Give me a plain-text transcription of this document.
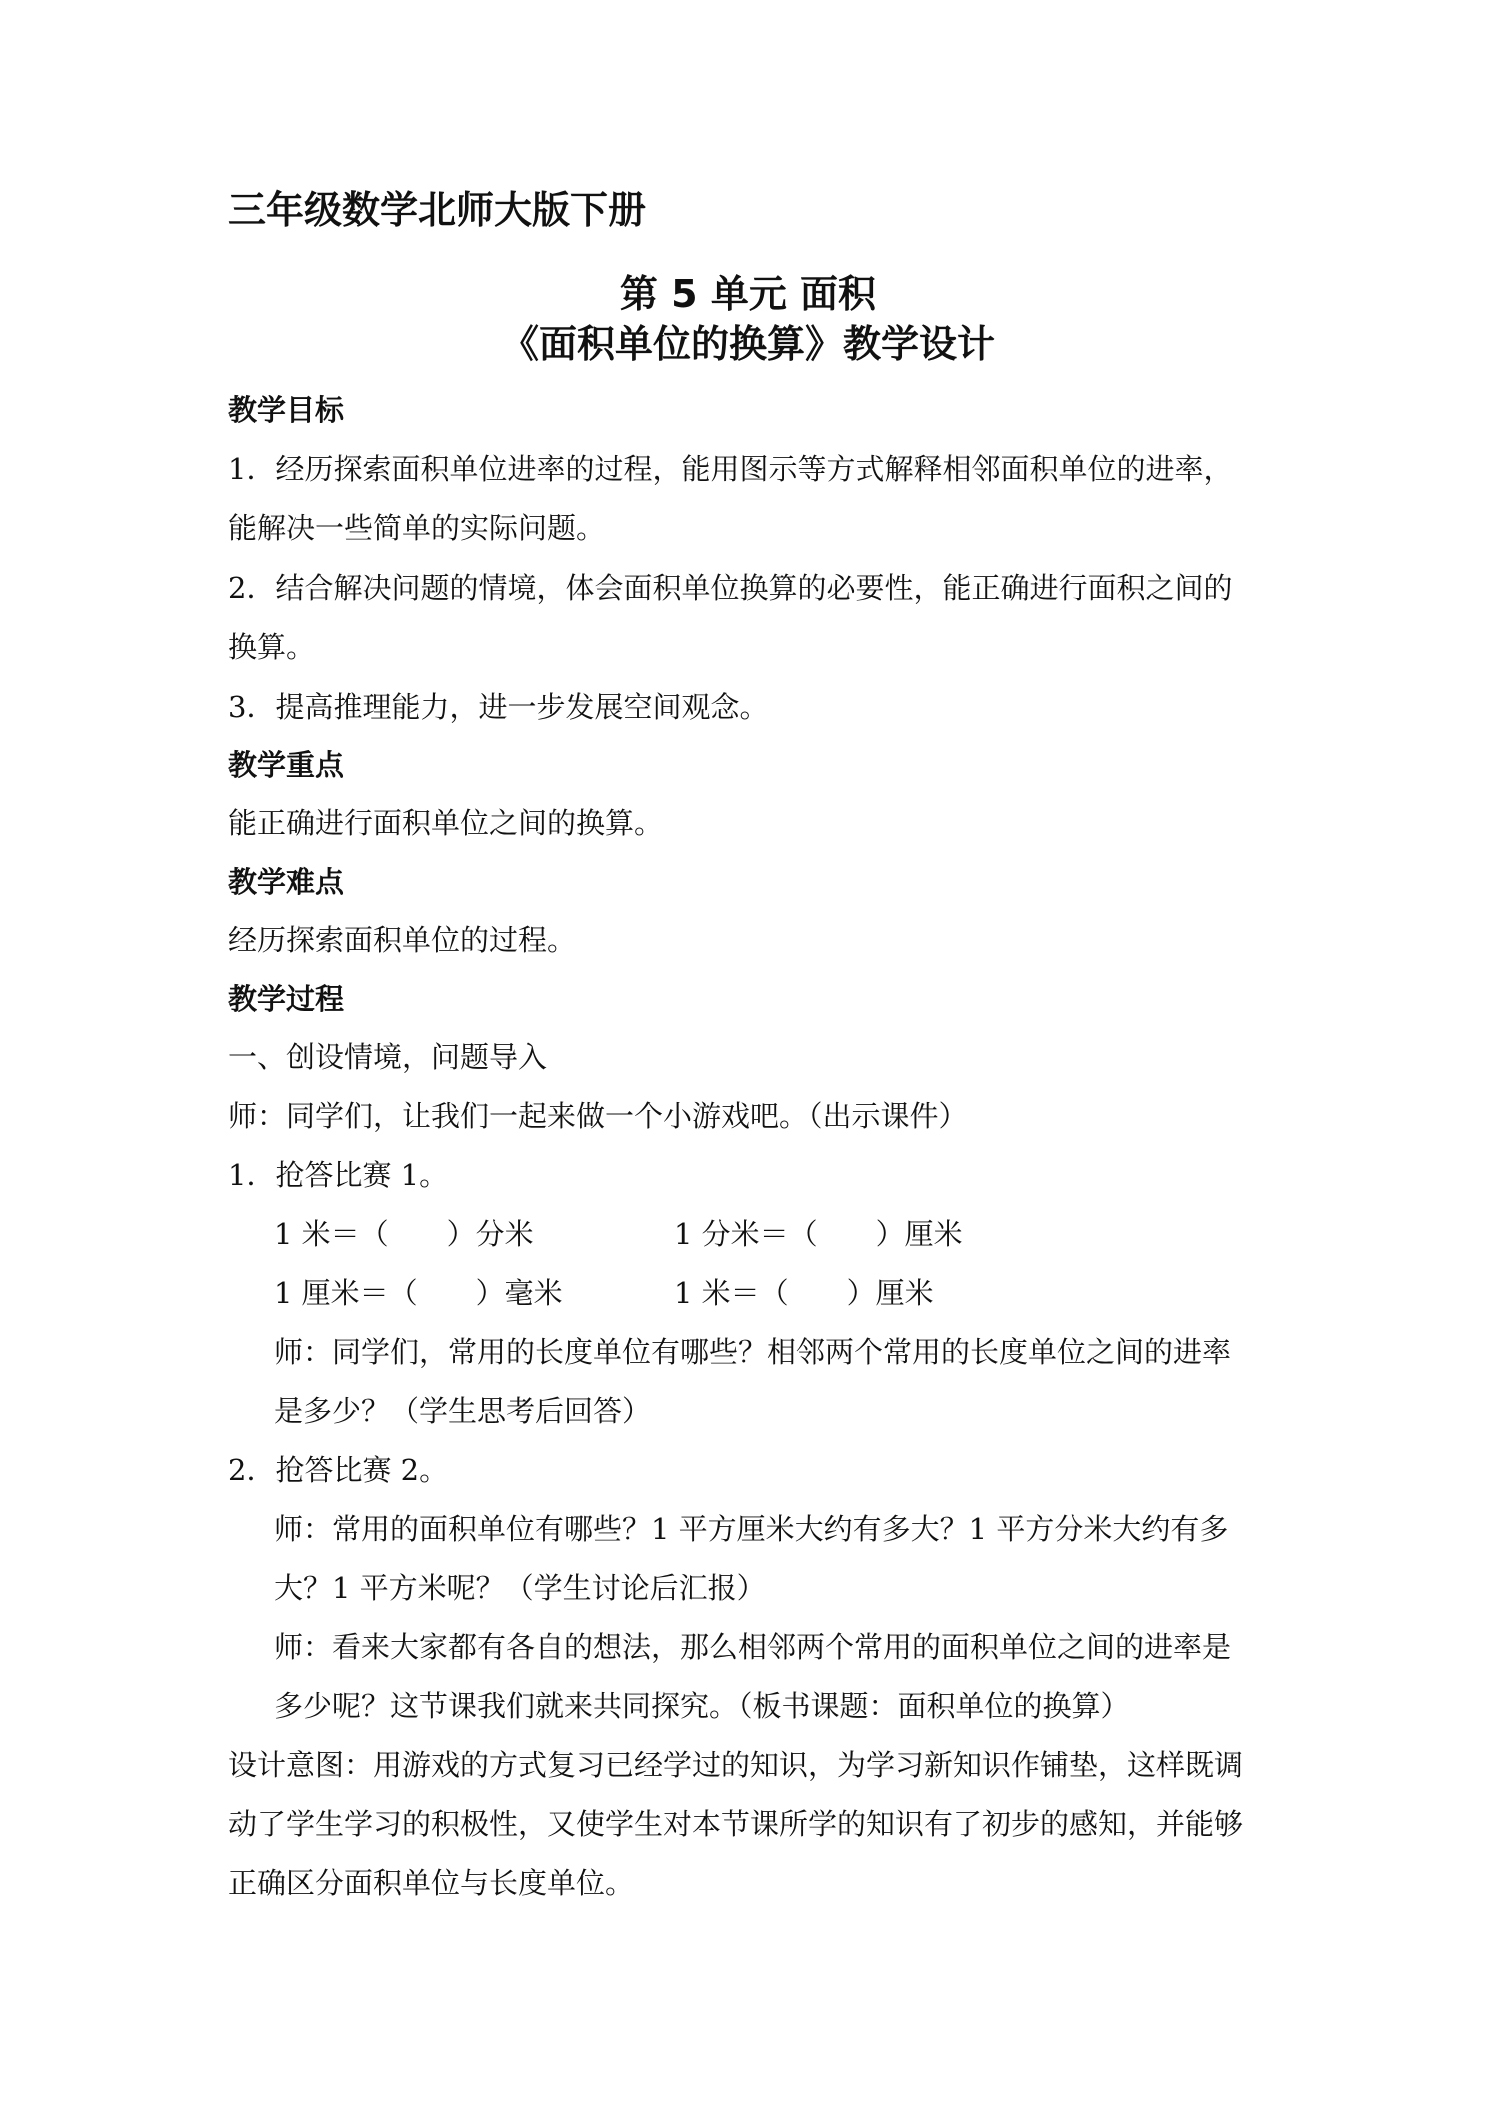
三年级数学北师大版下册
第 5 单元 面积
《面积单位的换算》教学设计
教学目标
1．经历探索面积单位进率的过程，能用图示等方式解释相邻面积单位的进率，
能解决一些简单的实际问题。
2．结合解决问题的情境，体会面积单位换算的必要性，能正确进行面积之间的
换算。
3．提高推理能力，进一步发展空间观念。
教学重点
能正确进行面积单位之间的换算。
教学难点
经历探索面积单位的过程。
教学过程
一、创设情境，问题导入
师：同学们，让我们一起来做一个小游戏吧。（出示课件）
1．抢答比赛 1。
1 米＝（　　）分米	1 分米＝（　　）厘米
1 厘米＝（　　）毫米	1 米＝（　　）厘米
师：同学们，常用的长度单位有哪些？相邻两个常用的长度单位之间的进率
是多少？（学生思考后回答）
2．抢答比赛 2。
师：常用的面积单位有哪些？1 平方厘米大约有多大？1 平方分米大约有多
大？1 平方米呢？（学生讨论后汇报）
师：看来大家都有各自的想法，那么相邻两个常用的面积单位之间的进率是
多少呢？这节课我们就来共同探究。（板书课题：面积单位的换算）
设计意图：用游戏的方式复习已经学过的知识，为学习新知识作铺垫，这样既调
动了学生学习的积极性，又使学生对本节课所学的知识有了初步的感知，并能够
正确区分面积单位与长度单位。
